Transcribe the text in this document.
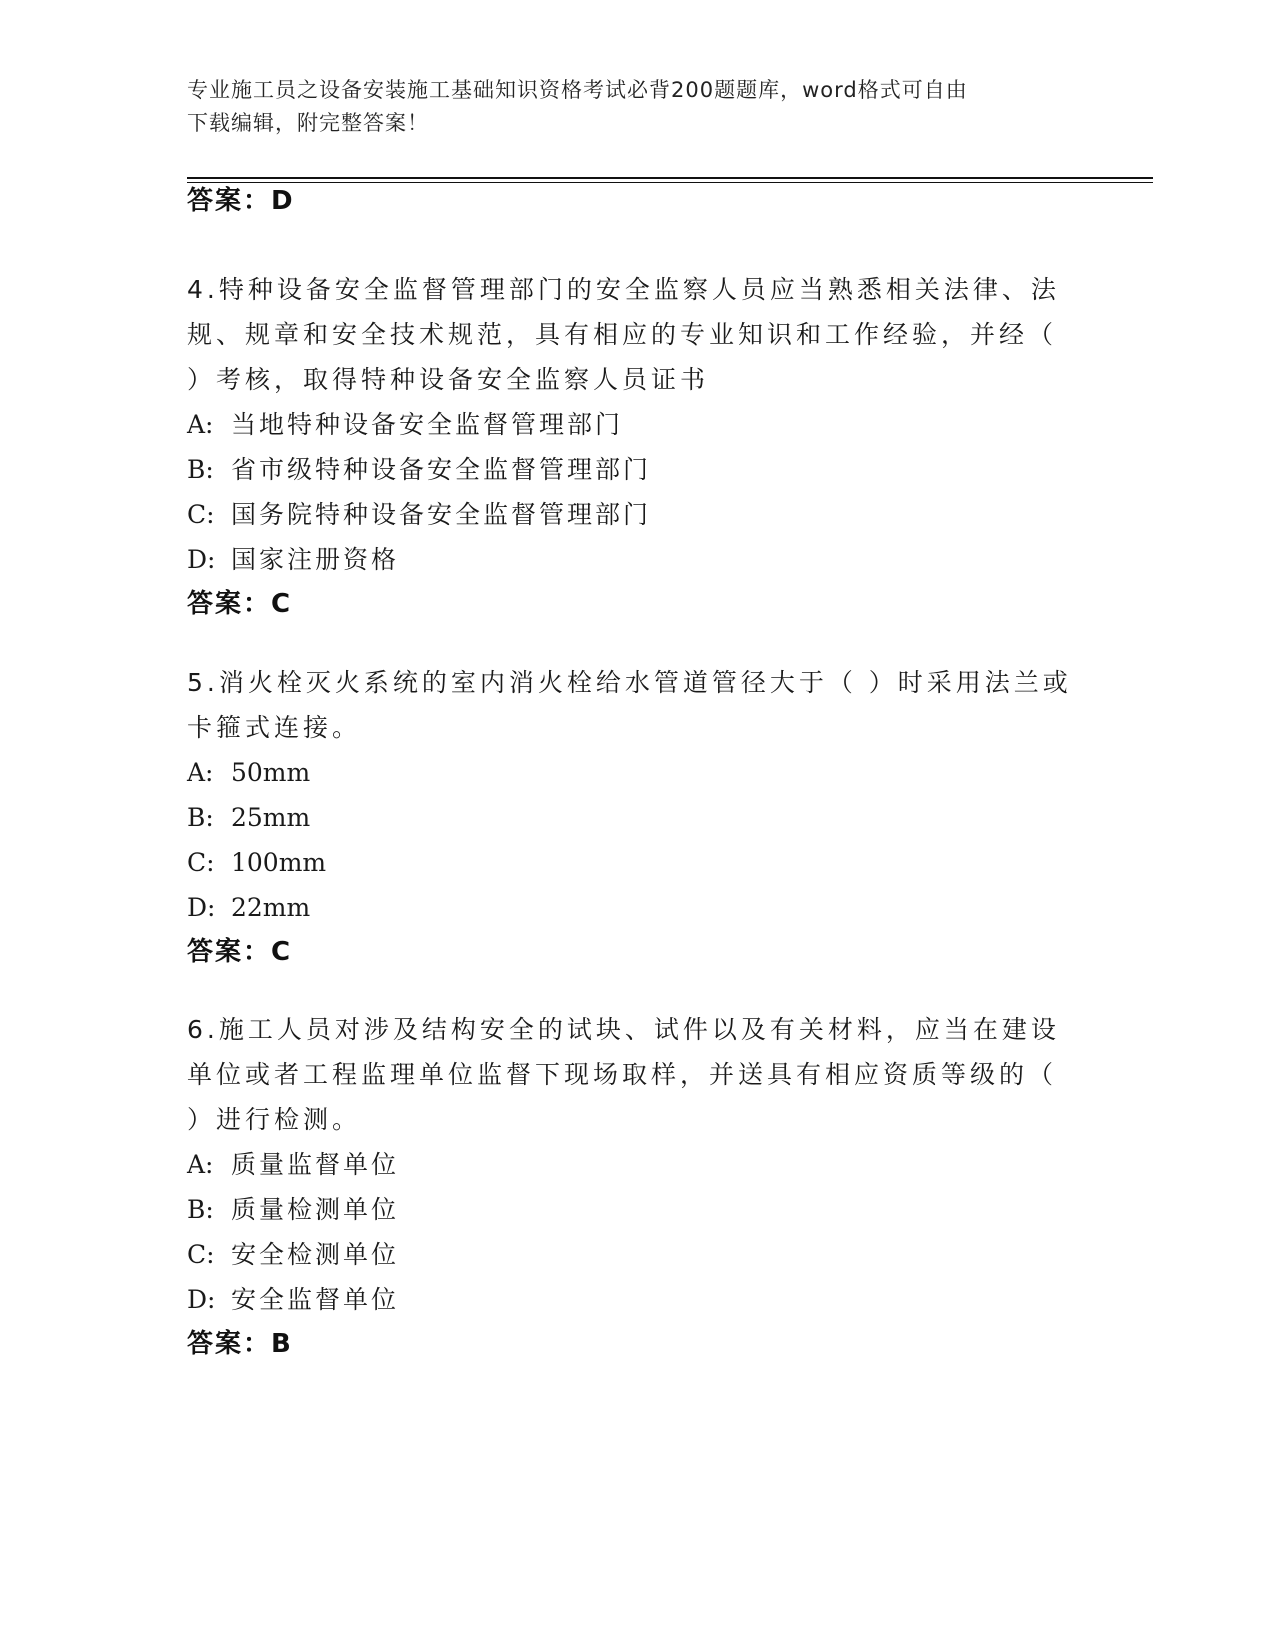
专业施工员之设备安装施工基础知识资格考试必背200题题库，word格式可自由
下载编辑，附完整答案！
答案：D
4.特种设备安全监督管理部门的安全监察人员应当熟悉相关法律、法
规、规章和安全技术规范，具有相应的专业知识和工作经验，并经（
）考核，取得特种设备安全监察人员证书
A: 当地特种设备安全监督管理部门
B: 省市级特种设备安全监督管理部门
C: 国务院特种设备安全监督管理部门
D: 国家注册资格
答案：C
5.消火栓灭火系统的室内消火栓给水管道管径大于（ ）时采用法兰或
卡箍式连接。
A: 50mm
B: 25mm
C: 100mm
D: 22mm
答案：C
6.施工人员对涉及结构安全的试块、试件以及有关材料，应当在建设
单位或者工程监理单位监督下现场取样，并送具有相应资质等级的（
）进行检测。
A: 质量监督单位
B: 质量检测单位
C: 安全检测单位
D: 安全监督单位
答案：B
